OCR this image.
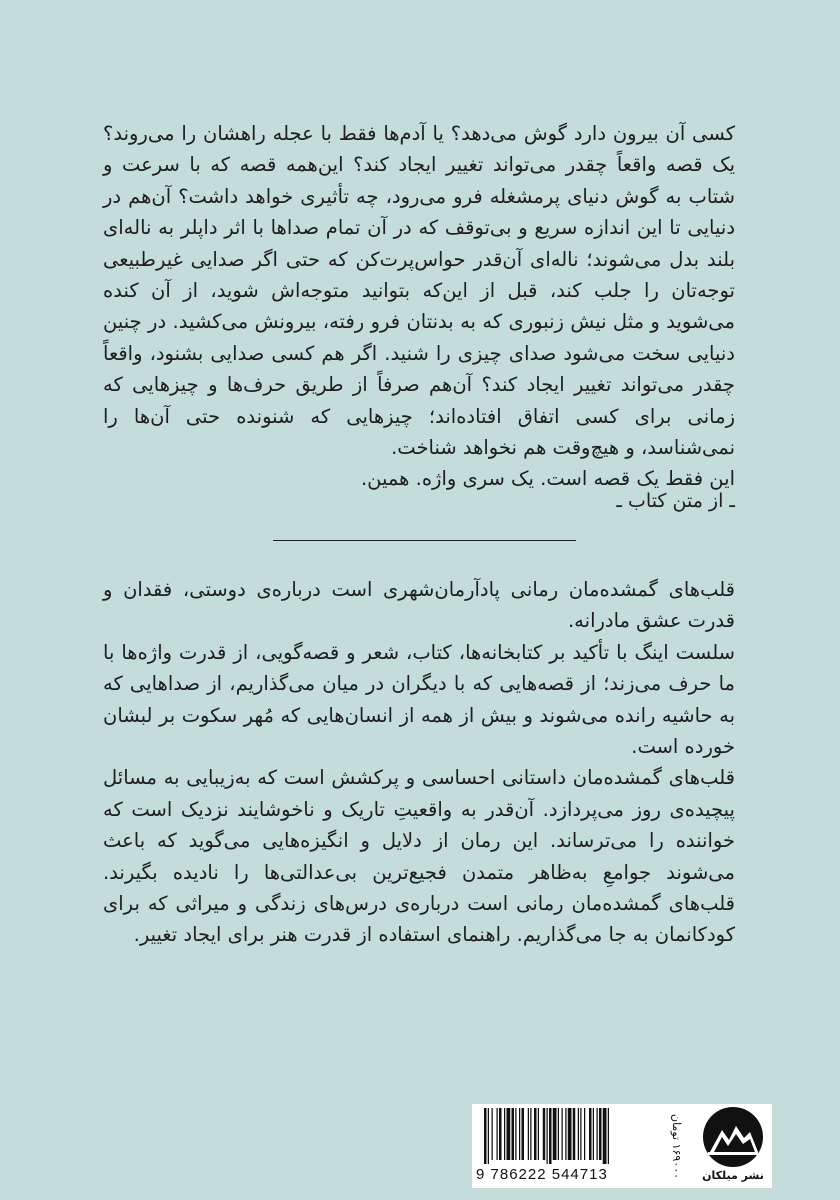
کسی آن بیرون دارد گوش می‌دهد؟ یا آدم‌ها فقط با عجله راهشان را می‌روند؟ یک قصه واقعاً چقدر می‌تواند تغییر ایجاد کند؟ این‌همه قصه که با سرعت و شتاب به گوش دنیای پرمشغله فرو می‌رود، چه تأثیری خواهد داشت؟ آن‌هم در دنیایی تا این اندازه سریع و بی‌توقف که در آن تمام صداها با اثر داپلر به ناله‌ای بلند بدل می‌شوند؛ ناله‌ای آن‌قدر حواس‌پرت‌کن که حتی اگر صدایی غیرطبیعی توجه‌تان را جلب کند، قبل از این‌که بتوانید متوجه‌اش شوید، از آن کنده می‌شوید و مثل نیش زنبوری که به بدنتان فرو رفته، بیرونش می‌کشید. در چنین دنیایی سخت می‌شود صدای چیزی را شنید. اگر هم کسی صدایی بشنود، واقعاً چقدر می‌تواند تغییر ایجاد کند؟ آن‌هم صرفاً از طریق حرف‌ها و چیزهایی که زمانی برای کسی اتفاق افتاده‌اند؛ چیزهایی که شنونده حتی آن‌ها را نمی‌شناسد، و هیچ‌وقت هم نخواهد شناخت.

این فقط یک قصه است. یک سری واژه. همین.

ـ از متن کتاب ـ

قلب‌های گمشده‌مان رمانی پادآرمان‌شهری است درباره‌ی دوستی، فقدان و قدرت عشق مادرانه.

سلست اینگ با تأکید بر کتابخانه‌ها، کتاب، شعر و قصه‌گویی، از قدرت واژه‌ها با ما حرف می‌زند؛ از قصه‌هایی که با دیگران در میان می‌گذاریم، از صداهایی که به حاشیه رانده می‌شوند و بیش از همه از انسان‌هایی که مُهر سکوت بر لبشان خورده است.

قلب‌های گمشده‌مان داستانی احساسی و پرکشش است که به‌زیبایی به مسائل پیچیده‌ی روز می‌پردازد. آن‌قدر به واقعیتِ تاریک و ناخوشایند نزدیک است که خواننده را می‌ترساند. این رمان از دلایل و انگیزه‌هایی می‌گوید که باعث می‌شوند جوامعِ به‌ظاهر متمدن فجیع‌ترین بی‌عدالتی‌ها را نادیده بگیرند. قلب‌های گمشده‌مان رمانی است درباره‌ی درس‌های زندگی و میراثی که برای کودکانمان به جا می‌گذاریم. راهنمای استفاده از قدرت هنر برای ایجاد تغییر.

9 786222 544713
۱۶۹۰۰۰ تومان	نشر میلکان
